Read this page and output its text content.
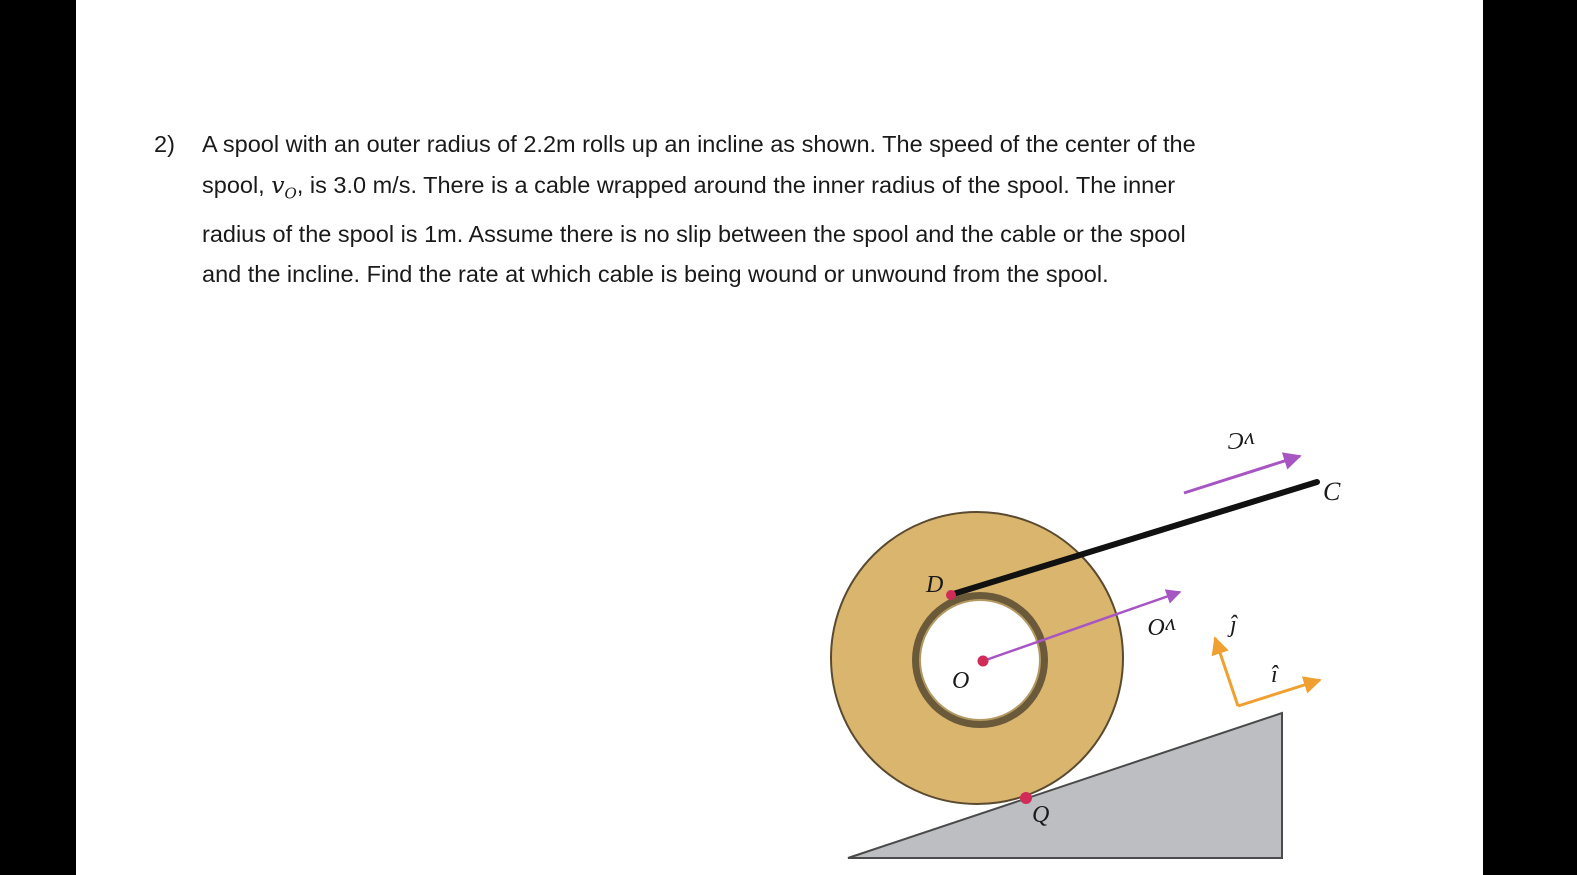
2) A spool with an outer radius of 2.2m rolls up an incline as shown. The speed of the center of the
spool, $v_O$, is 3.0 m/s. There is a cable wrapped around the inner radius of the spool. The inner
radius of the spool is 1m. Assume there is no slip between the spool and the cable or the spool
and the incline. Find the rate at which cable is being wound or unwound from the spool.
D
O
Q
C
vC
vO ĵ
î
